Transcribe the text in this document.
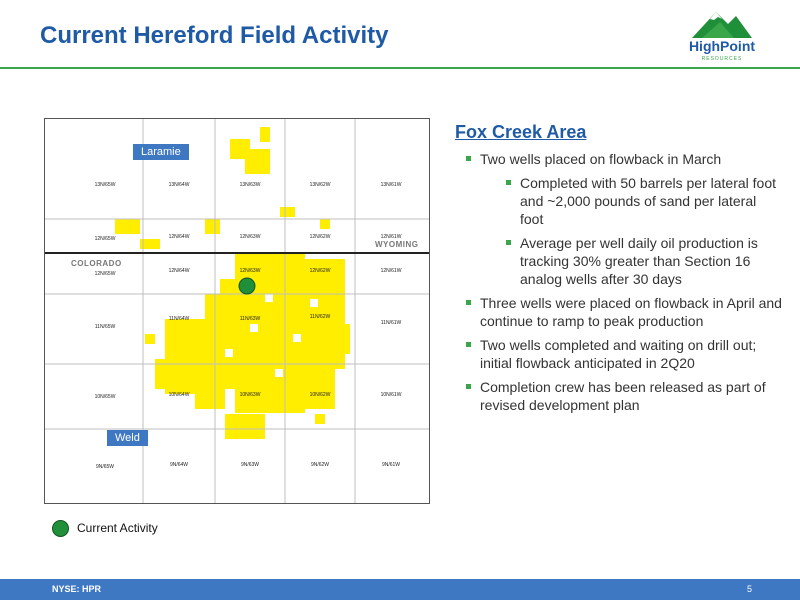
Current Hereford Field Activity	HighPoint
RESOURCES
Laramie
Weld
COLORADO
WYOMING
13N/65W	13N/64W	13N/63W	13N/62W	13N/61W
12N/65W	12N/64W	12N/63W	12N/62W	12N/61W
12N/65W	12N/64W	12N/63W	12N/62W	12N/61W
11N/65W
11N/64W	11N/63W	11N/62W
11N/61W
10N/65W	10N/64W	10N/63W	10N/62W	10N/61W
9N/65W	9N/64W	9N/63W	9N/62W	9N/61W
Current Activity
Fox Creek Area
Two wells placed on flowback in March
Completed with 50 barrels per lateral foot and ~2,000 pounds of sand per lateral foot
Average per well daily oil production is tracking 30% greater than Section 16 analog wells after 30 days
Three wells were placed on flowback in April and continue to ramp to peak production
Two wells completed and waiting on drill out; initial flowback anticipated in 2Q20
Completion crew has been released as part of revised development plan
NYSE: HPR	5
